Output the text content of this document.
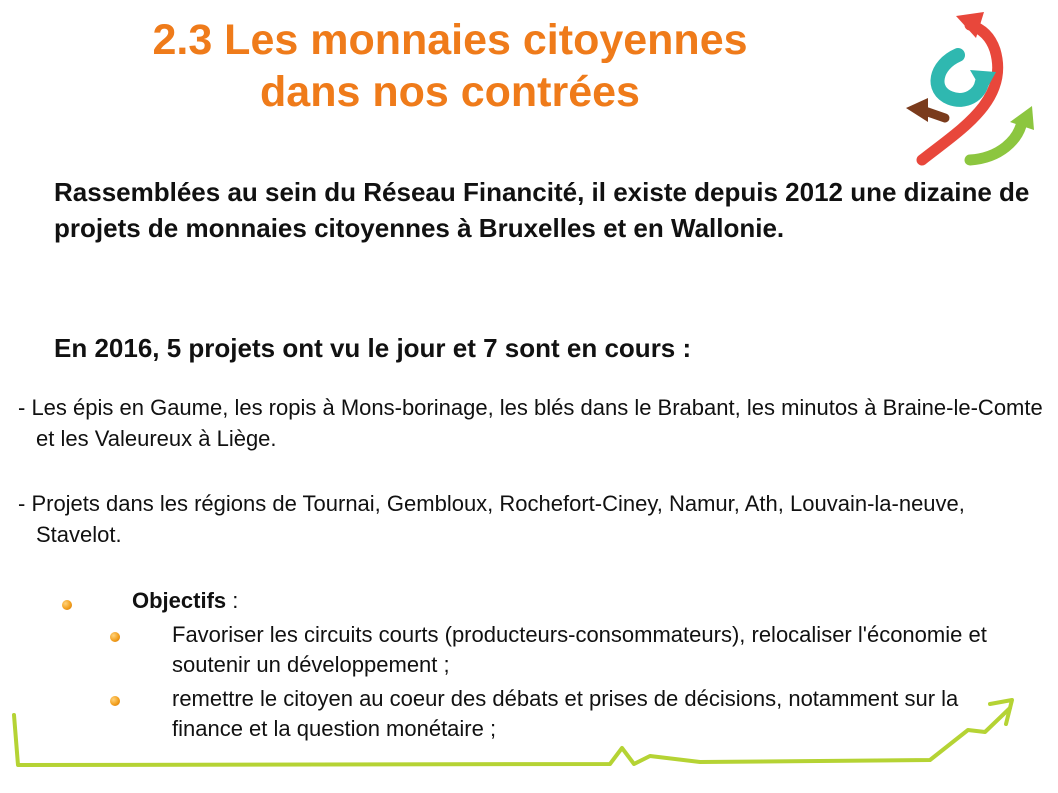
2.3 Les monnaies citoyennes
dans nos contrées

Rassemblées au sein du Réseau Financité, il existe depuis 2012 une dizaine de projets de monnaies citoyennes à Bruxelles et en Wallonie.

En 2016, 5 projets ont vu le jour et 7 sont en cours :

- Les épis en Gaume, les ropis à Mons-borinage, les blés dans le Brabant, les minutos à Braine-le-Comte et les Valeureux à Liège.

- Projets dans les régions de Tournai, Gembloux, Rochefort-Ciney, Namur, Ath, Louvain-la-neuve, Stavelot.

Objectifs :

Favoriser les circuits courts (producteurs-consommateurs), relocaliser l'économie et soutenir un développement ;

remettre le citoyen au coeur des débats et prises de décisions, notamment sur la finance et la question monétaire ;
